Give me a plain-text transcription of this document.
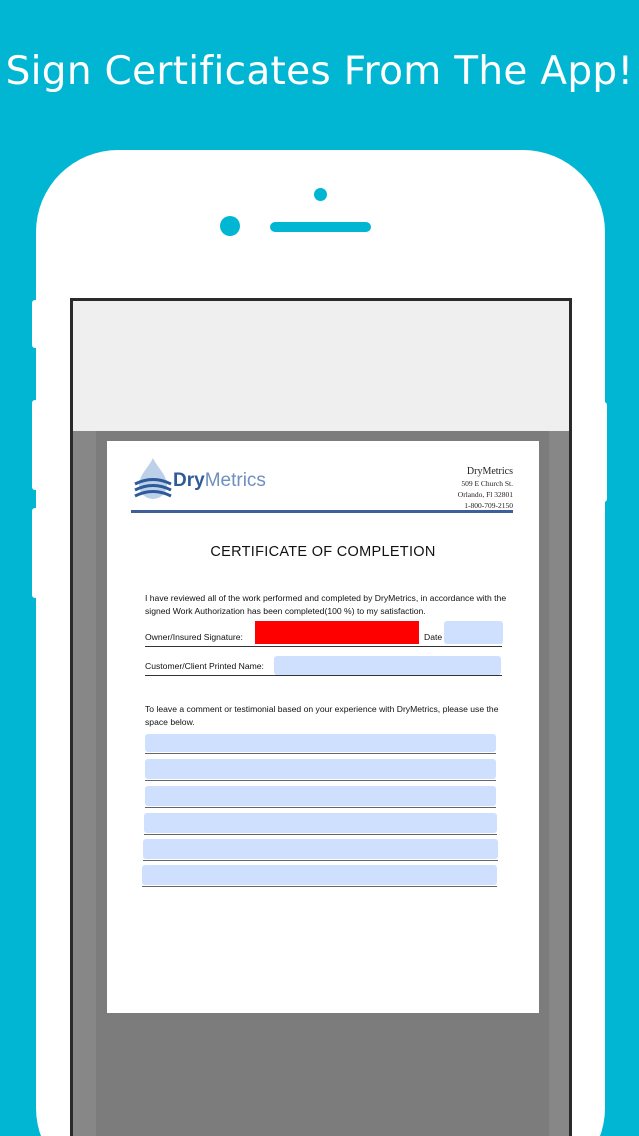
Sign Certificates From The App!
DryMetrics	DryMetrics
509 E Church St.
Orlando, Fl 32801
1-800-709-2150
CERTIFICATE OF COMPLETION
I have reviewed all of the work performed and completed by DryMetrics, in accordance with the signed Work Authorization has been completed(100 %) to my satisfaction.
Owner/Insured Signature:	Date
Customer/Client Printed Name:
To leave a comment or testimonial based on your experience with DryMetrics, please use the space below.
